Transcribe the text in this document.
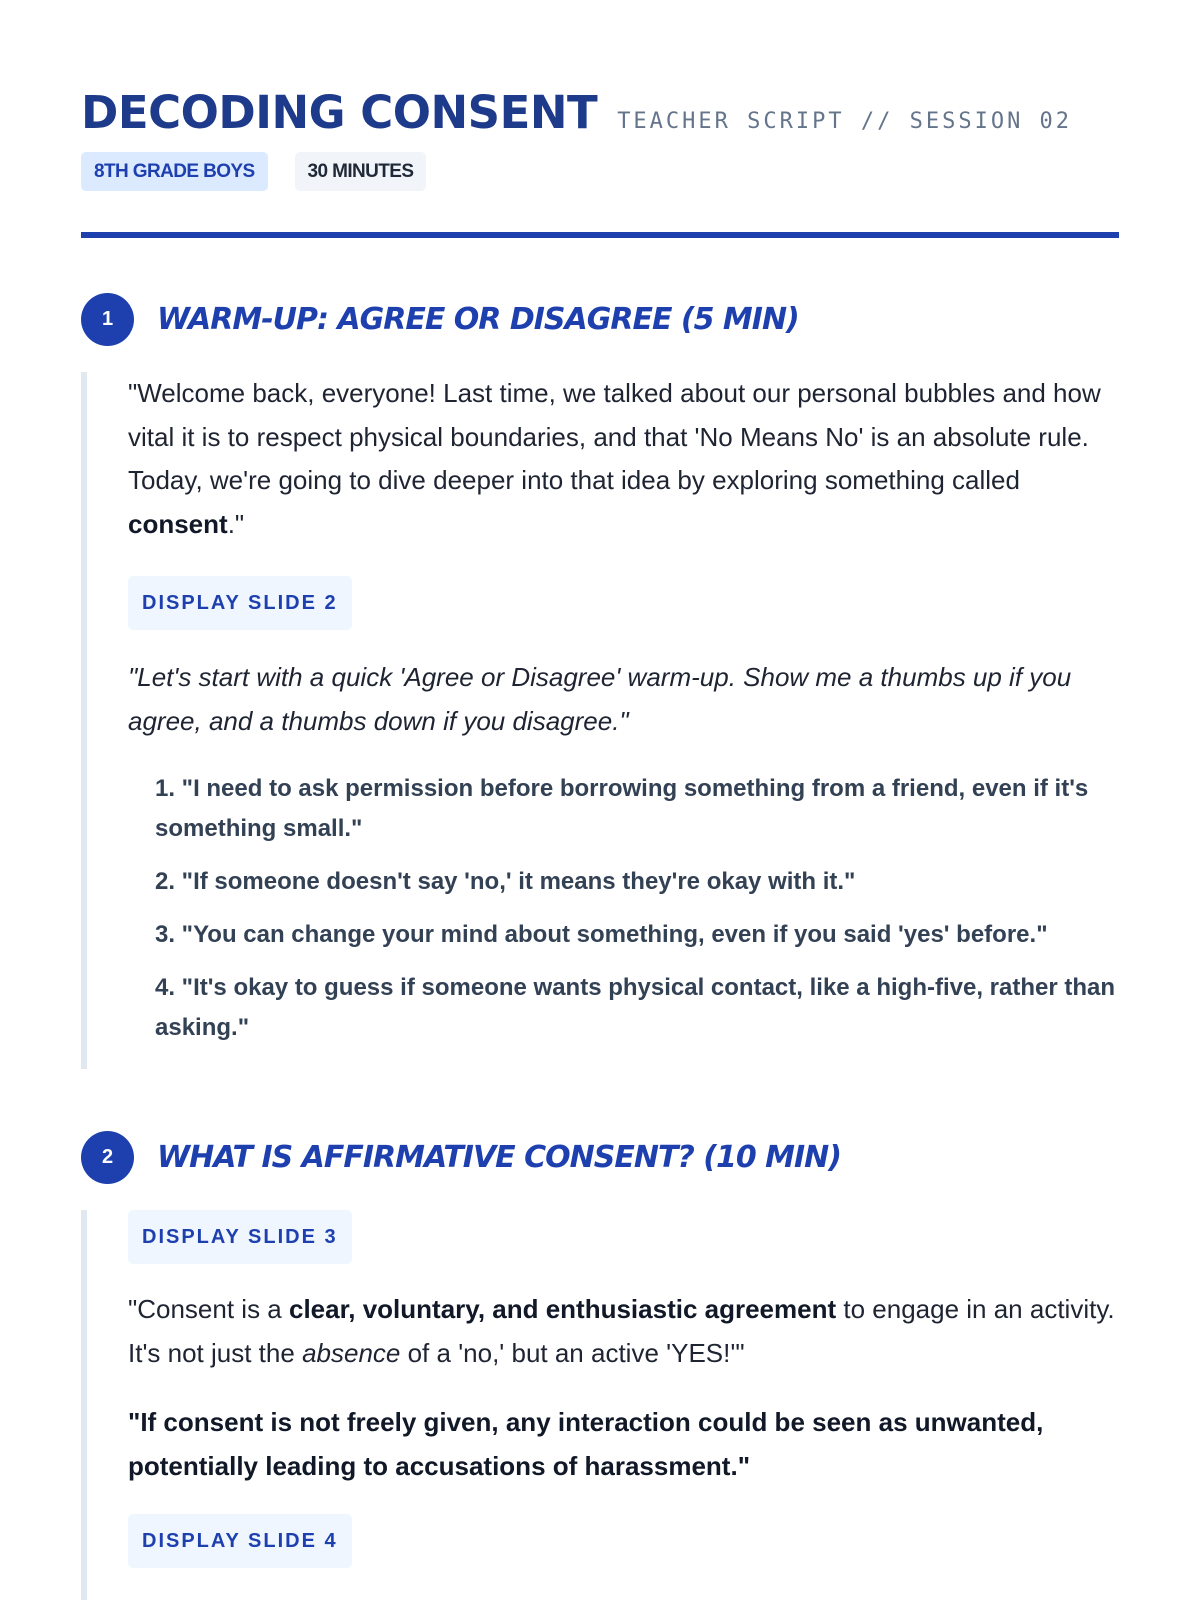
DECODING CONSENT TEACHER SCRIPT // SESSION 02
8TH GRADE BOYS	30 MINUTES
1	WARM-UP: AGREE OR DISAGREE (5 MIN)

"Welcome back, everyone! Last time, we talked about our personal bubbles and how vital it is to respect physical boundaries, and that 'No Means No' is an absolute rule. Today, we're going to dive deeper into that idea by exploring something called consent."

DISPLAY SLIDE 2

"Let's start with a quick 'Agree or Disagree' warm-up. Show me a thumbs up if you agree, and a thumbs down if you disagree."

1. "I need to ask permission before borrowing something from a friend, even if it's something small."
2. "If someone doesn't say 'no,' it means they're okay with it."
3. "You can change your mind about something, even if you said 'yes' before."
4. "It's okay to guess if someone wants physical contact, like a high-five, rather than asking."
2	WHAT IS AFFIRMATIVE CONSENT? (10 MIN)
DISPLAY SLIDE 3

"Consent is a clear, voluntary, and enthusiastic agreement to engage in an activity. It's not just the absence of a 'no,' but an active 'YES!'"

"If consent is not freely given, any interaction could be seen as unwanted, potentially leading to accusations of harassment."

DISPLAY SLIDE 4
